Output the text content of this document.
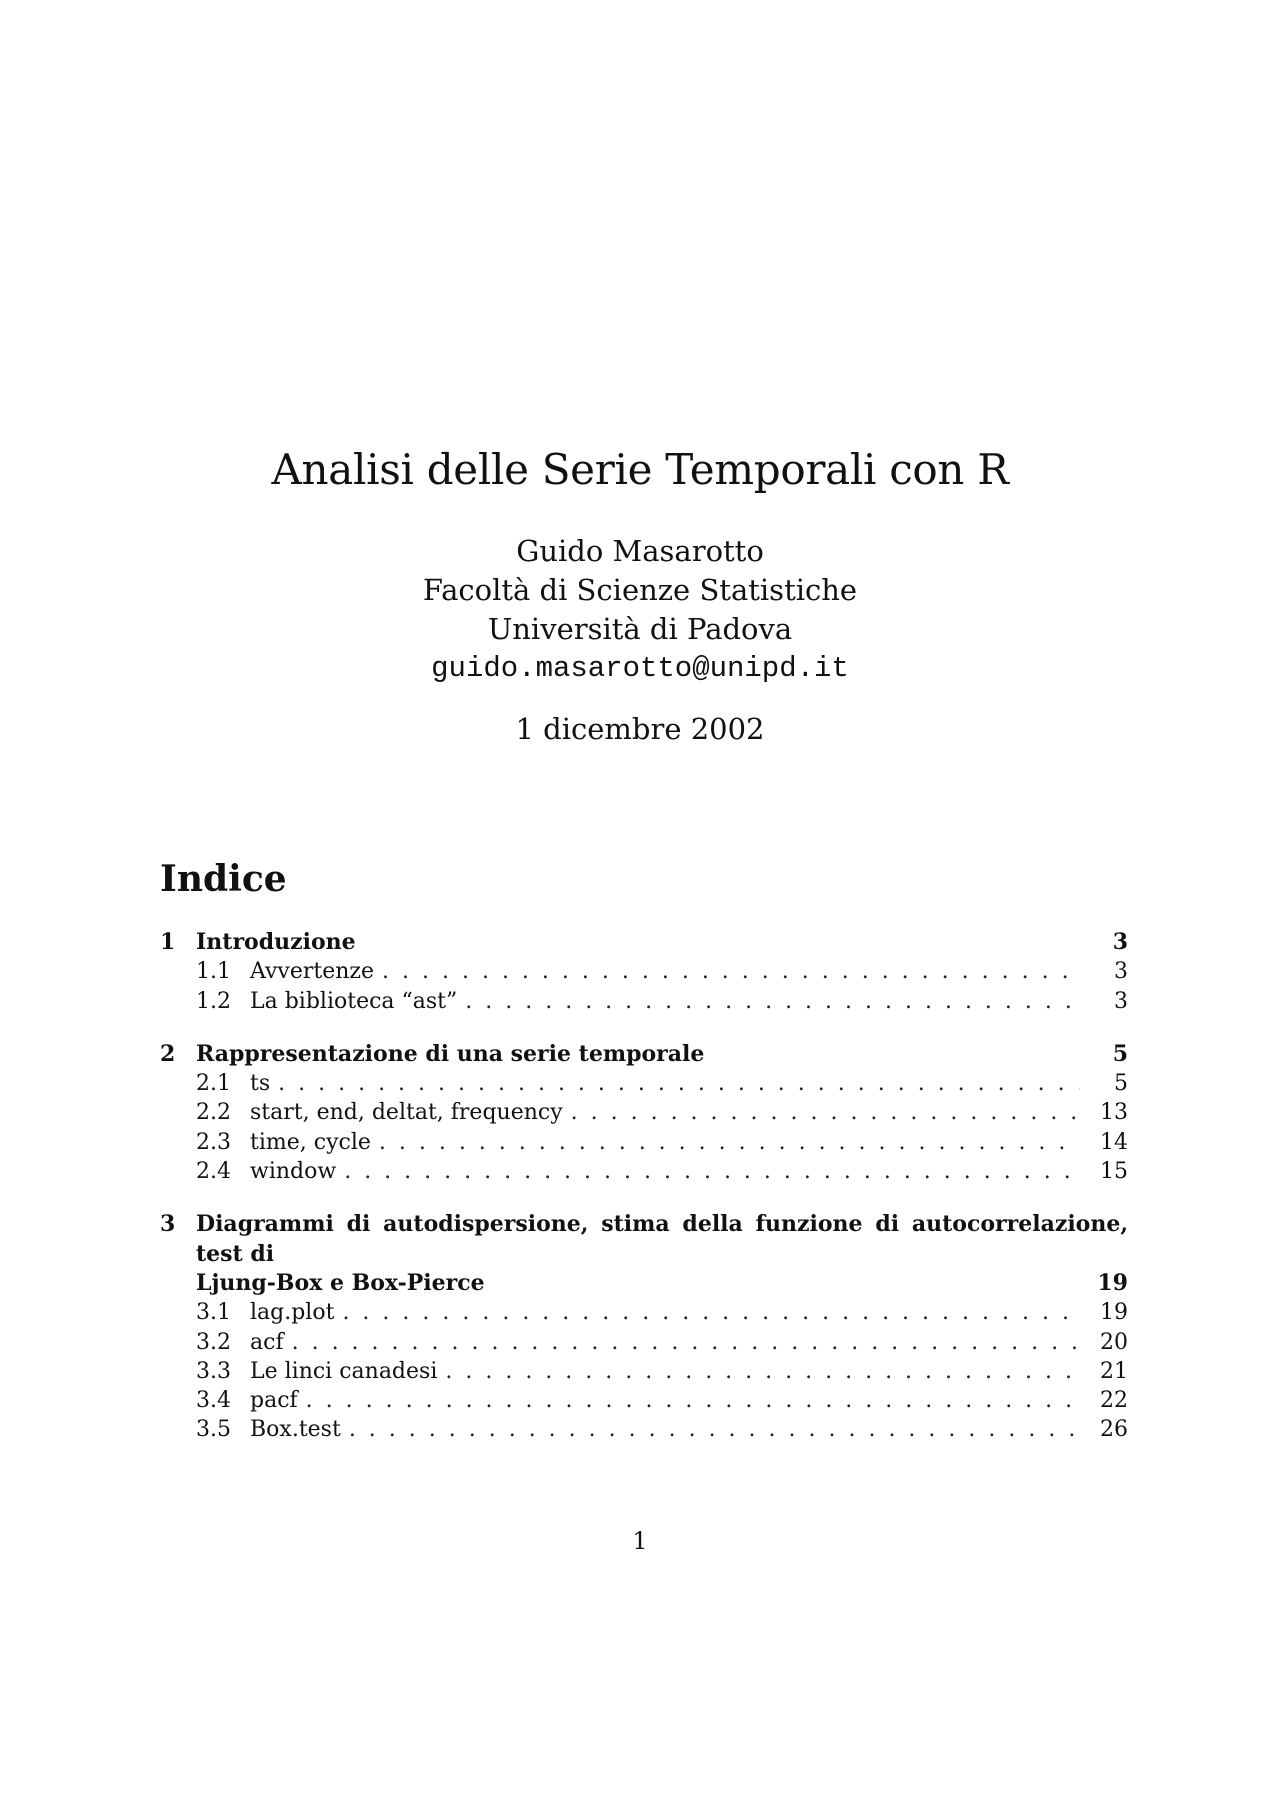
Analisi delle Serie Temporali con R
Guido Masarotto
Facoltà di Scienze Statistiche
Università di Padova
guido.masarotto@unipd.it
1 dicembre 2002
Indice
1 Introduzione	3
1.1 Avvertenze . . .	3
1.2 La biblioteca “ast” . . .	3
2 Rappresentazione di una serie temporale	5
2.1 ts . . .	5
2.2 start, end, deltat, frequency . . .	13
2.3 time, cycle . . .	14
2.4 window . . .	15
3 Diagrammi di autodispersione, stima della funzione di autocorrelazione, test di
Ljung-Box e Box-Pierce	19
3.1 lag.plot . . .	19
3.2 acf . . .	20
3.3 Le linci canadesi . . .	21
3.4 pacf . . .	22
3.5 Box.test . . .	26
1
